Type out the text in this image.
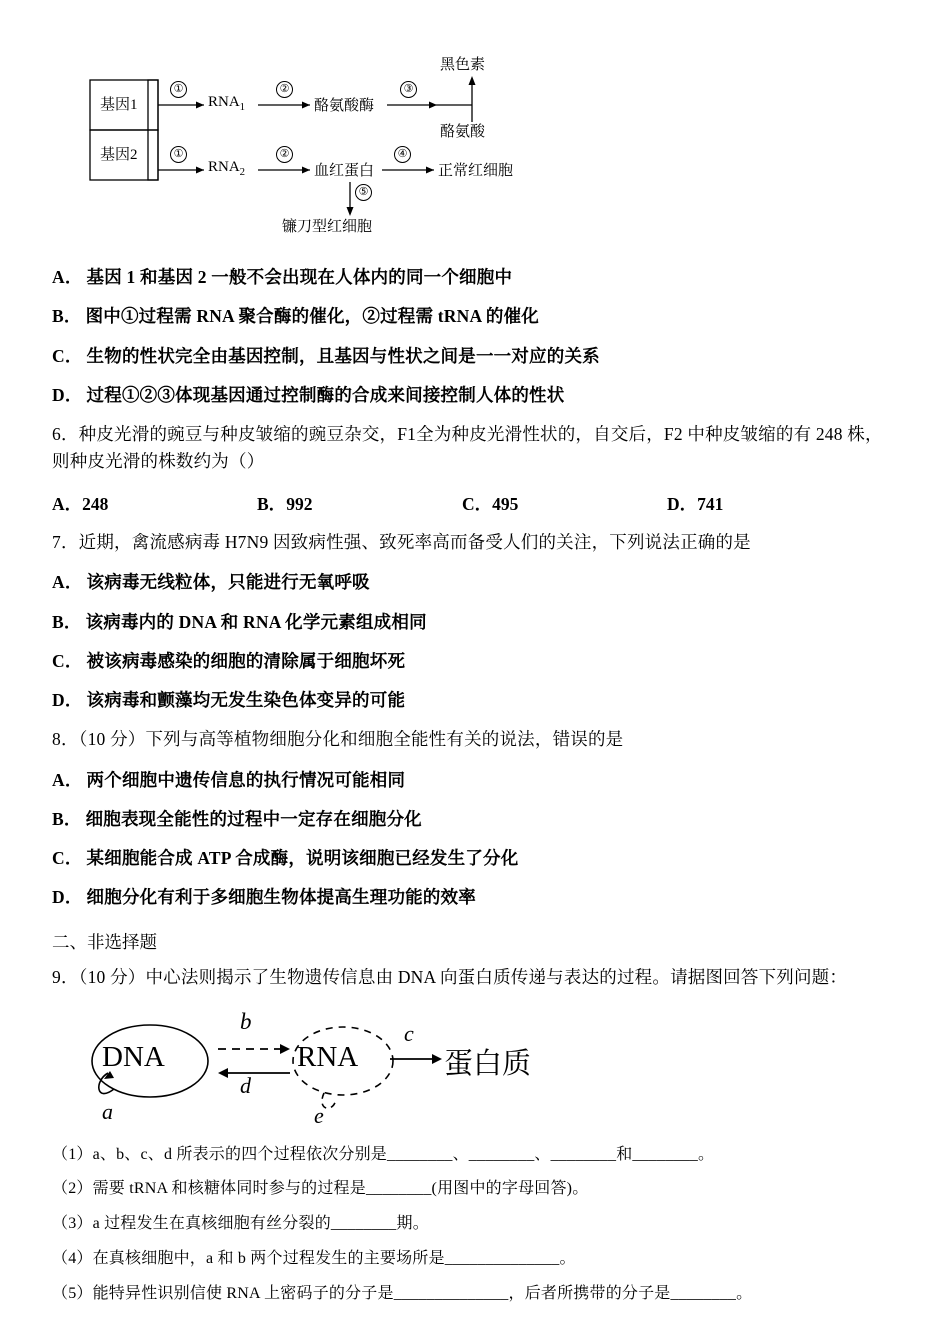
基因1
基因2
①
①
$RNA_1$
$RNA_2$
②
②
酪氨酸酶
③
黑色素
酪氨酸
血红蛋白
④
正常红细胞
⑤
镰刀型红细胞
A． 基因 1 和基因 2 一般不会出现在人体内的同一个细胞中
B． 图中①过程需 RNA 聚合酶的催化，②过程需 tRNA 的催化
C． 生物的性状完全由基因控制，且基因与性状之间是一一对应的关系
D． 过程①②③体现基因通过控制酶的合成来间接控制人体的性状
6．种皮光滑的豌豆与种皮皱缩的豌豆杂交，F1全为种皮光滑性状的，自交后，F2 中种皮皱缩的有 248 株，则种皮光滑的株数约为（）
A．248	B．992	C．495	D．741
7．近期，禽流感病毒 H7N9 因致病性强、致死率高而备受人们的关注，下列说法正确的是
A． 该病毒无线粒体，只能进行无氧呼吸
B． 该病毒内的 DNA 和 RNA 化学元素组成相同
C． 被该病毒感染的细胞的清除属于细胞坏死
D． 该病毒和颤藻均无发生染色体变异的可能
8．（10 分）下列与高等植物细胞分化和细胞全能性有关的说法，错误的是
A． 两个细胞中遗传信息的执行情况可能相同
B． 细胞表现全能性的过程中一定存在细胞分化
C． 某细胞能合成 ATP 合成酶，说明该细胞已经发生了分化
D． 细胞分化有利于多细胞生物体提高生理功能的效率
二、非选择题
9．（10 分）中心法则揭示了生物遗传信息由 DNA 向蛋白质传递与表达的过程。请据图回答下列问题：
DNA	RNA	蛋白质
a
b	c
d
e
（1）a、b、c、d 所表示的四个过程依次分别是________、________、________和________。
（2）需要 tRNA 和核糖体同时参与的过程是________(用图中的字母回答)。
（3）a 过程发生在真核细胞有丝分裂的________期。
（4）在真核细胞中，a 和 b 两个过程发生的主要场所是______________。
（5）能特异性识别信使 RNA 上密码子的分子是______________，后者所携带的分子是________。
